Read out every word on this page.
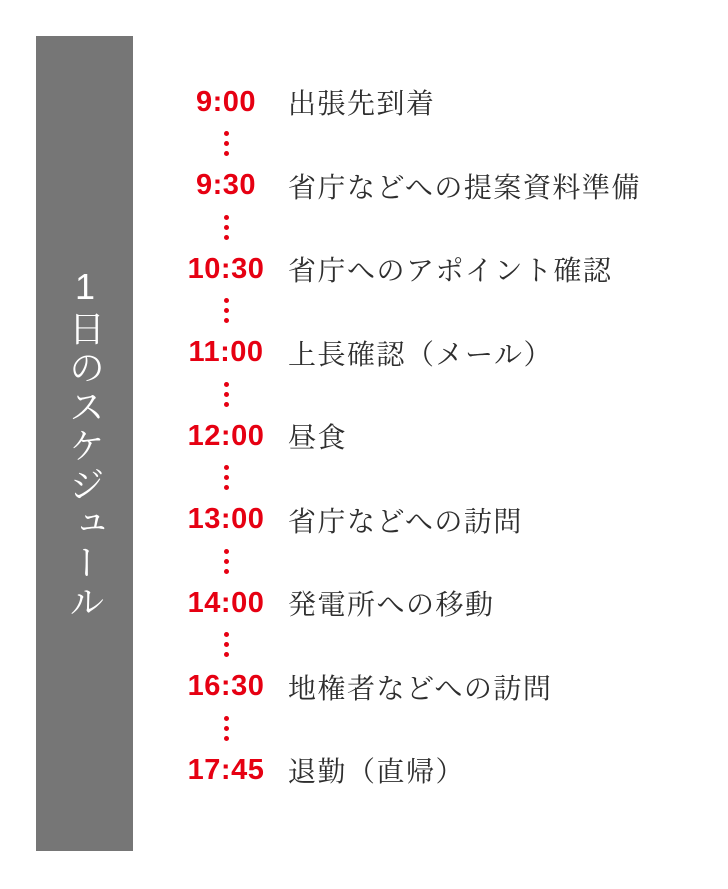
1日のスケジュール
9:00	出張先到着
9:30	省庁などへの提案資料準備
10:30 省庁へのアポイント確認
11:00 上長確認（メール）
12:00 昼食
13:00 省庁などへの訪問
14:00 発電所への移動
16:30 地権者などへの訪問
17:45 退勤（直帰）
